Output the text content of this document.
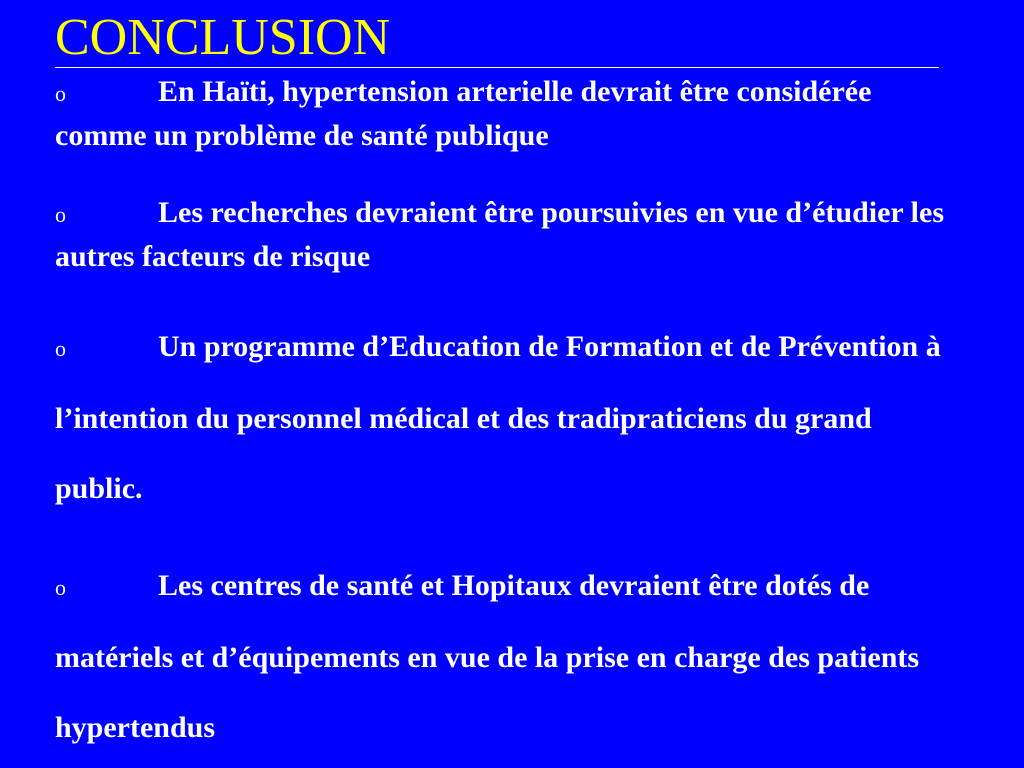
CONCLUSION

o	En Haïti, hypertension arterielle devrait être considérée comme un problème de santé publique

o	Les recherches devraient être poursuivies en vue d’étudier les autres facteurs de risque

o	Un programme d’Education de Formation et de Prévention à l’intention du personnel médical et des tradipraticiens du grand public.

o	Les centres de santé et Hopitaux devraient être dotés de matériels et d’équipements en vue de la prise en charge des patients hypertendus
